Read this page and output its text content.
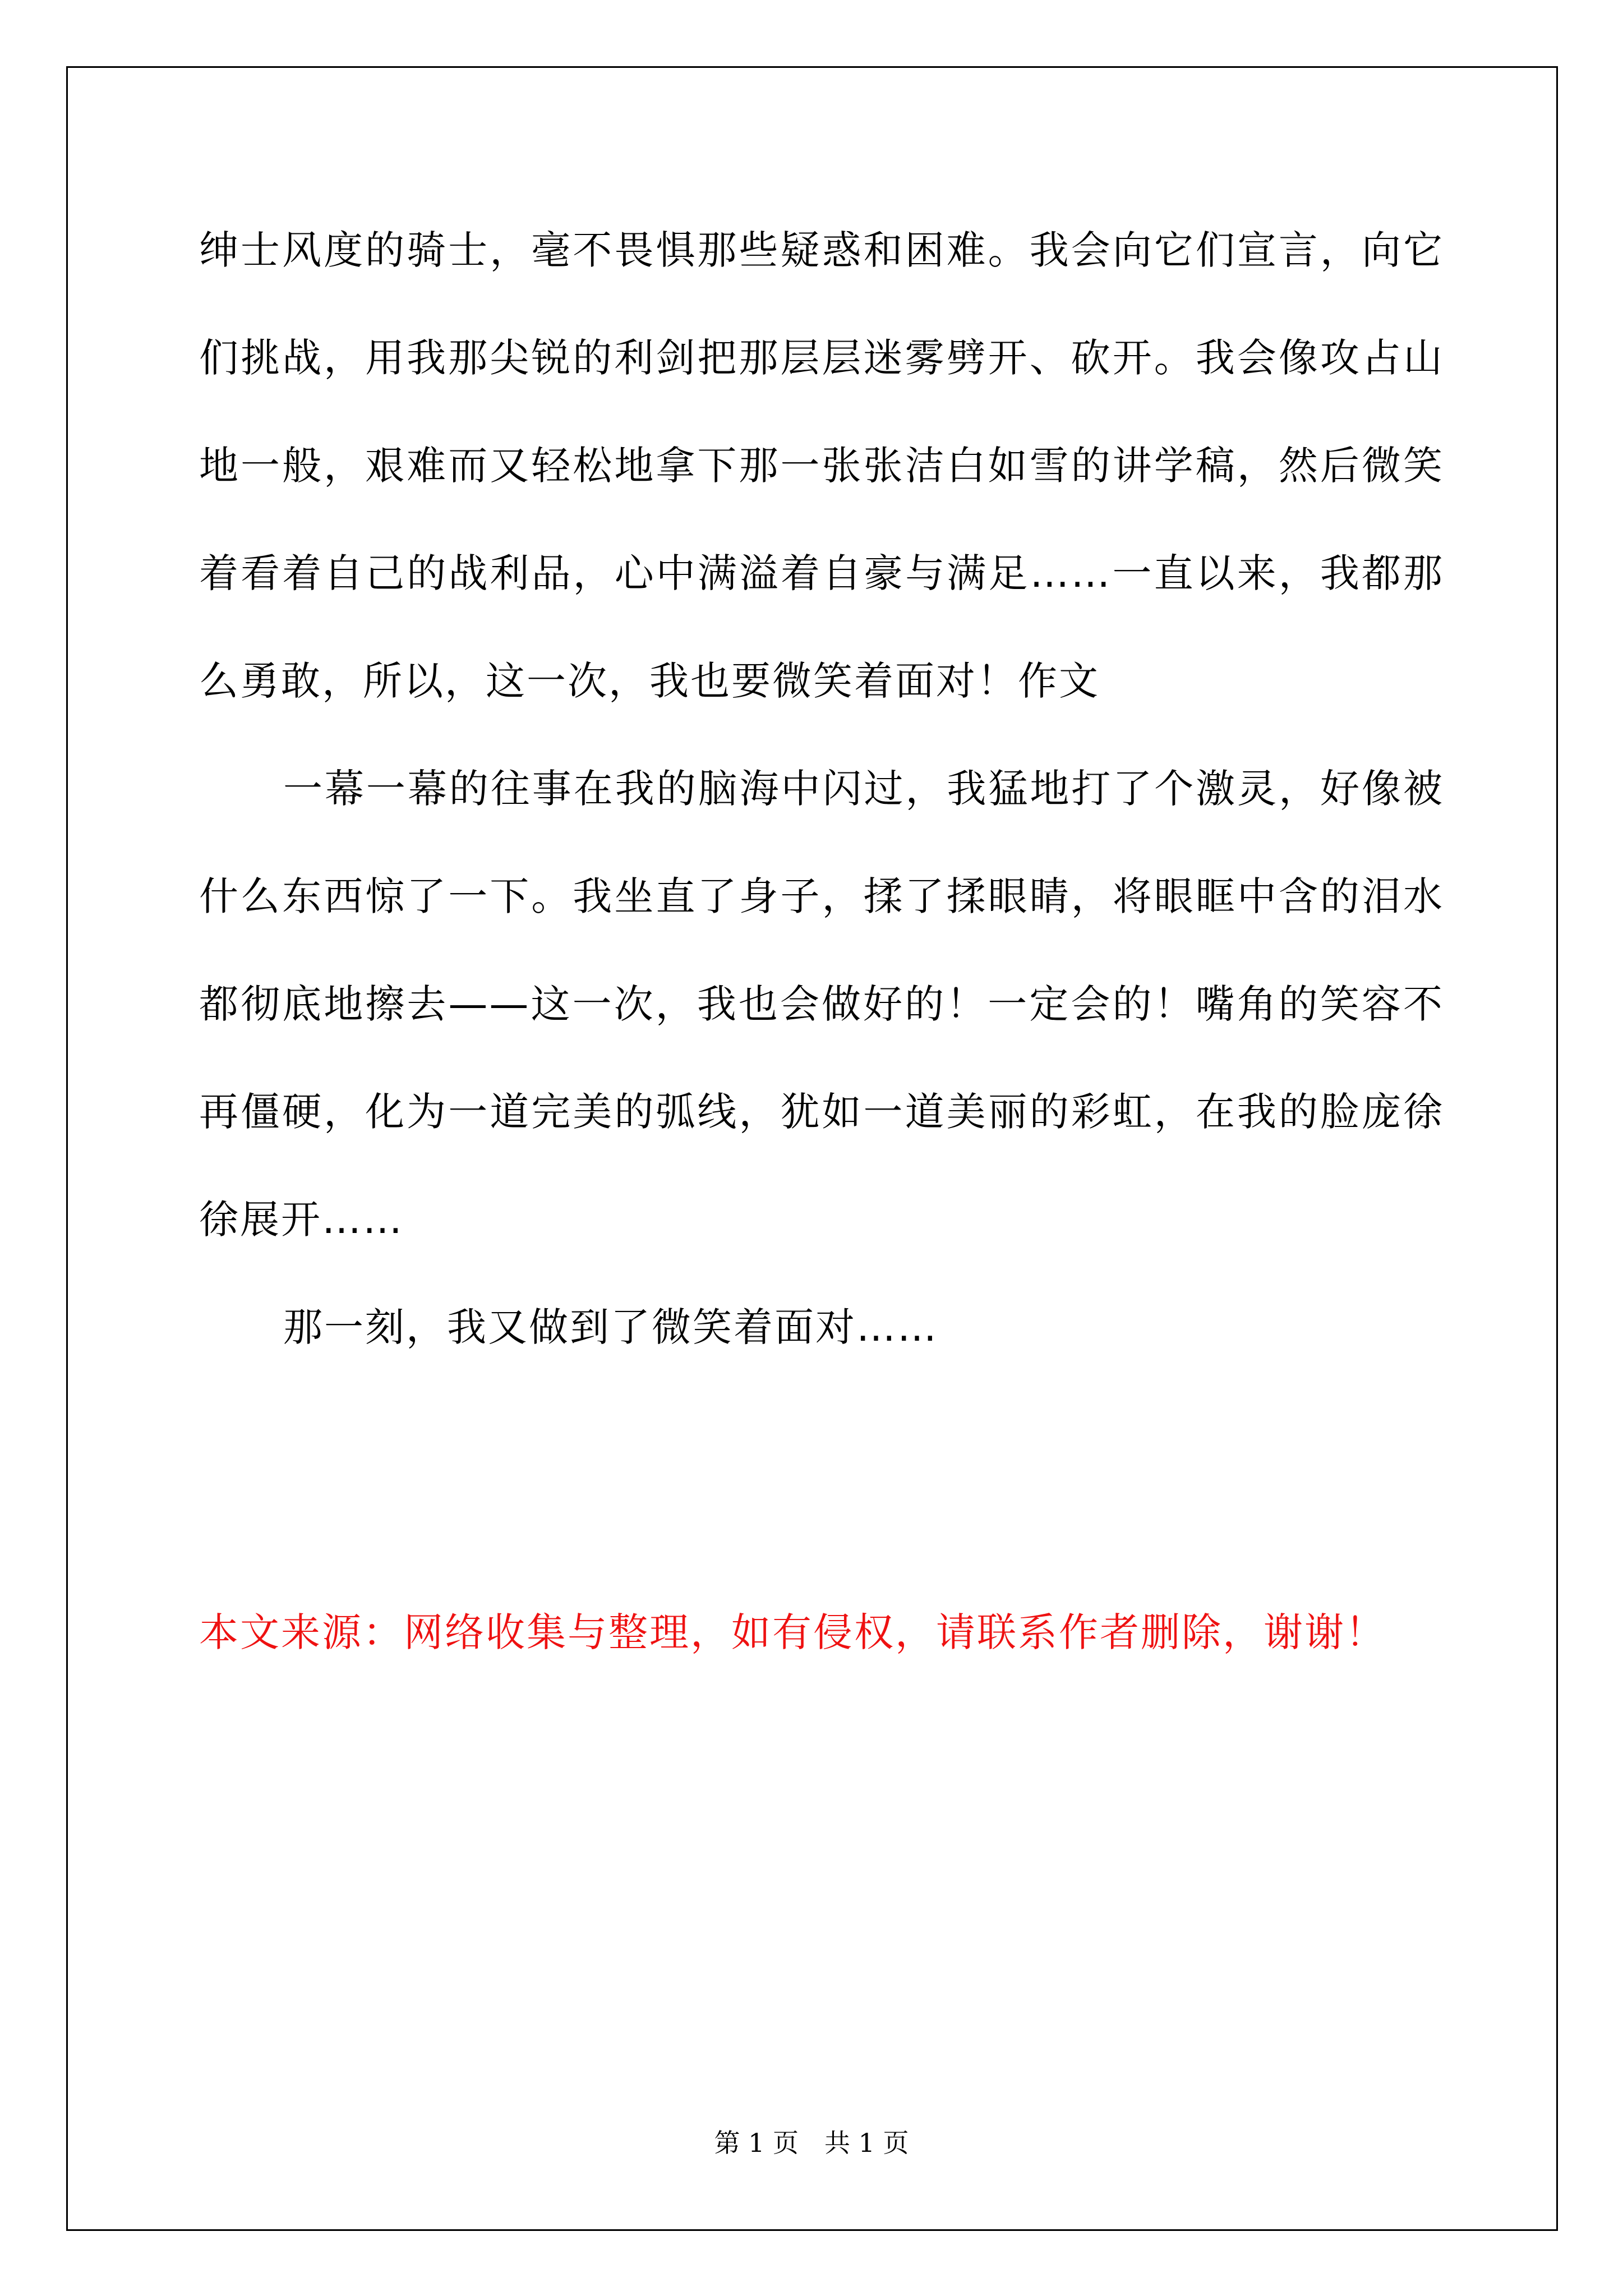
绅士风度的骑士，毫不畏惧那些疑惑和困难。我会向它们宣言，向它
们挑战，用我那尖锐的利剑把那层层迷雾劈开、砍开。我会像攻占山
地一般，艰难而又轻松地拿下那一张张洁白如雪的讲学稿，然后微笑
着看着自己的战利品，心中满溢着自豪与满足……一直以来，我都那
么勇敢，所以，这一次，我也要微笑着面对！作文
一幕一幕的往事在我的脑海中闪过，我猛地打了个激灵，好像被
什么东西惊了一下。我坐直了身子，揉了揉眼睛，将眼眶中含的泪水
都彻底地擦去——这一次，我也会做好的！一定会的！嘴角的笑容不
再僵硬，化为一道完美的弧线，犹如一道美丽的彩虹，在我的脸庞徐
徐展开……
那一刻，我又做到了微笑着面对……
本文来源：网络收集与整理，如有侵权，请联系作者删除，谢谢！
第 1 页　共 1 页
